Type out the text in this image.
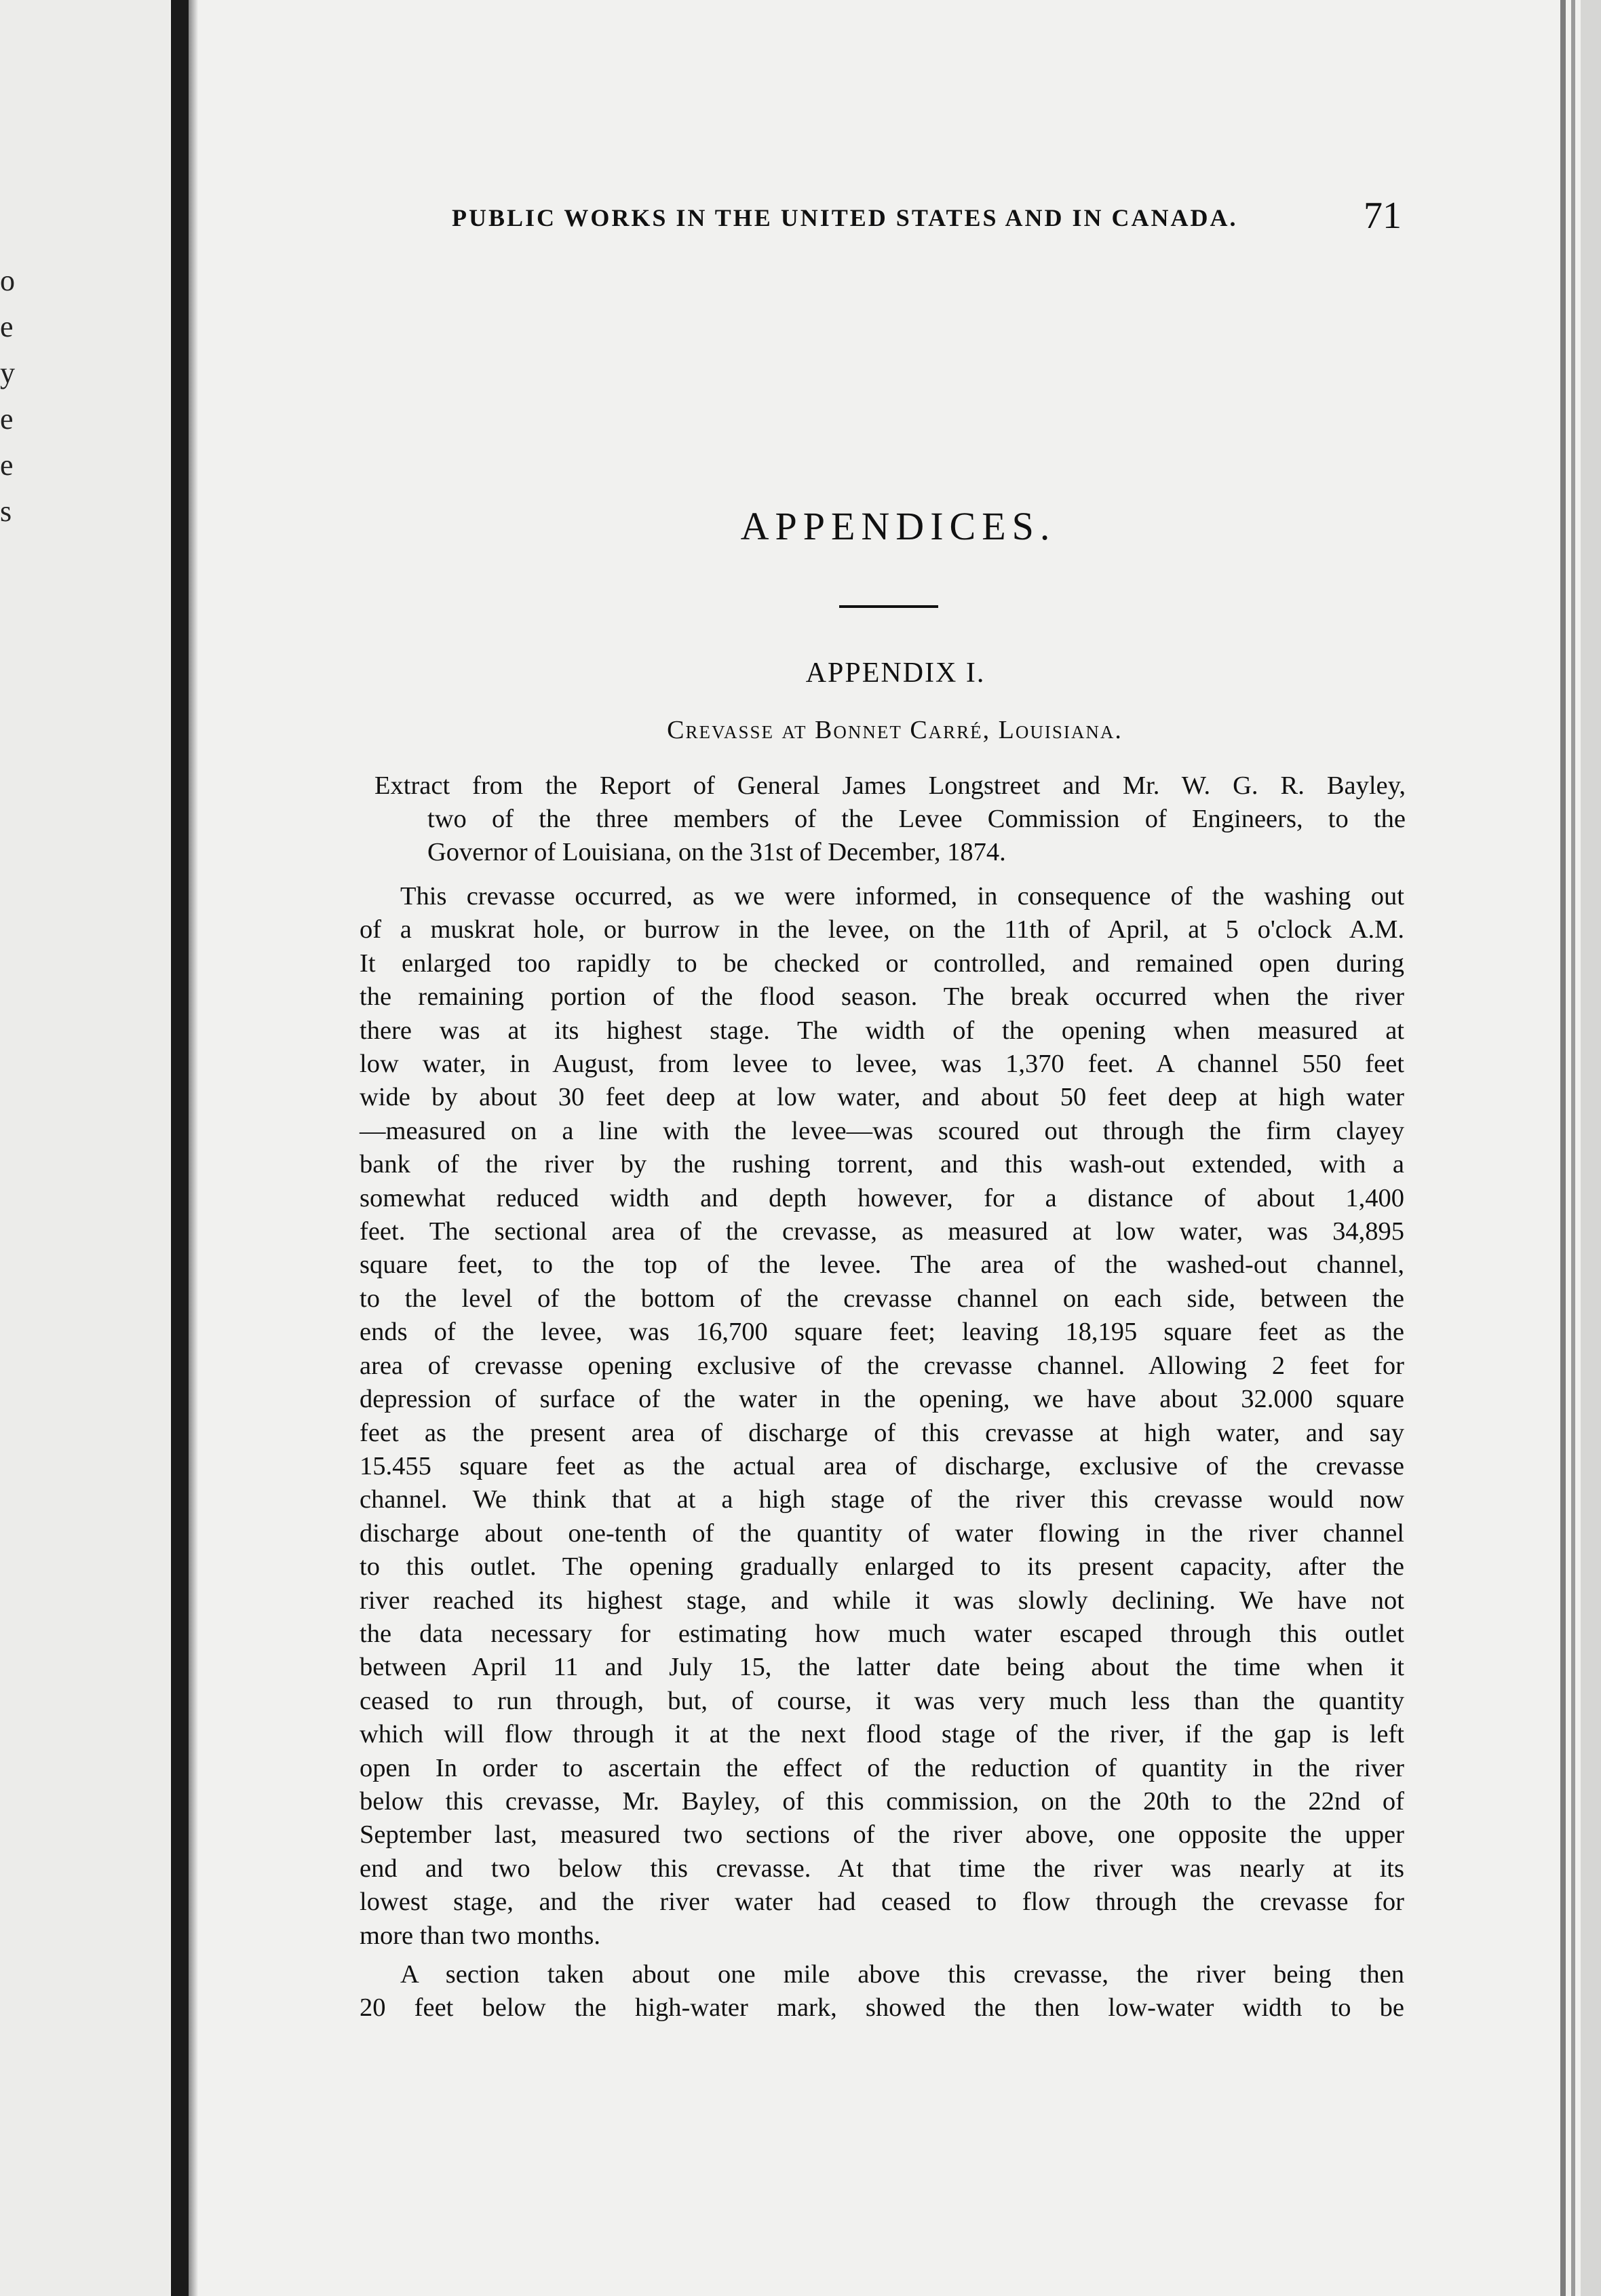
o
e
y
e
e
s
PUBLIC WORKS IN THE UNITED STATES AND IN CANADA.	71
APPENDICES.
APPENDIX I.
Crevasse at Bonnet Carré, Louisiana.
Extract from the Report of General James Longstreet and Mr. W. G. R. Bayley,
two of the three members of the Levee Commission of Engineers, to the
Governor of Louisiana, on the 31st of December, 1874.
This crevasse occurred, as we were informed, in consequence of the washing out
of a muskrat hole, or burrow in the levee, on the 11th of April, at 5 o'clock A.M.
It enlarged too rapidly to be checked or controlled, and remained open during
the remaining portion of the flood season. The break occurred when the river
there was at its highest stage. The width of the opening when measured at
low water, in August, from levee to levee, was 1,370 feet. A channel 550 feet
wide by about 30 feet deep at low water, and about 50 feet deep at high water
—measured on a line with the levee—was scoured out through the firm clayey
bank of the river by the rushing torrent, and this wash-out extended, with a
somewhat reduced width and depth however, for a distance of about 1,400
feet. The sectional area of the crevasse, as measured at low water, was 34,895
square feet, to the top of the levee. The area of the washed-out channel,
to the level of the bottom of the crevasse channel on each side, between the
ends of the levee, was 16,700 square feet; leaving 18,195 square feet as the
area of crevasse opening exclusive of the crevasse channel. Allowing 2 feet for
depression of surface of the water in the opening, we have about 32.000 square
feet as the present area of discharge of this crevasse at high water, and say
15.455 square feet as the actual area of discharge, exclusive of the crevasse
channel. We think that at a high stage of the river this crevasse would now
discharge about one-tenth of the quantity of water flowing in the river channel
to this outlet. The opening gradually enlarged to its present capacity, after the
river reached its highest stage, and while it was slowly declining. We have not
the data necessary for estimating how much water escaped through this outlet
between April 11 and July 15, the latter date being about the time when it
ceased to run through, but, of course, it was very much less than the quantity
which will flow through it at the next flood stage of the river, if the gap is left
open In order to ascertain the effect of the reduction of quantity in the river
below this crevasse, Mr. Bayley, of this commission, on the 20th to the 22nd of
September last, measured two sections of the river above, one opposite the upper
end and two below this crevasse. At that time the river was nearly at its
lowest stage, and the river water had ceased to flow through the crevasse for
more than two months.
A section taken about one mile above this crevasse, the river being then
20 feet below the high-water mark, showed the then low-water width to be
